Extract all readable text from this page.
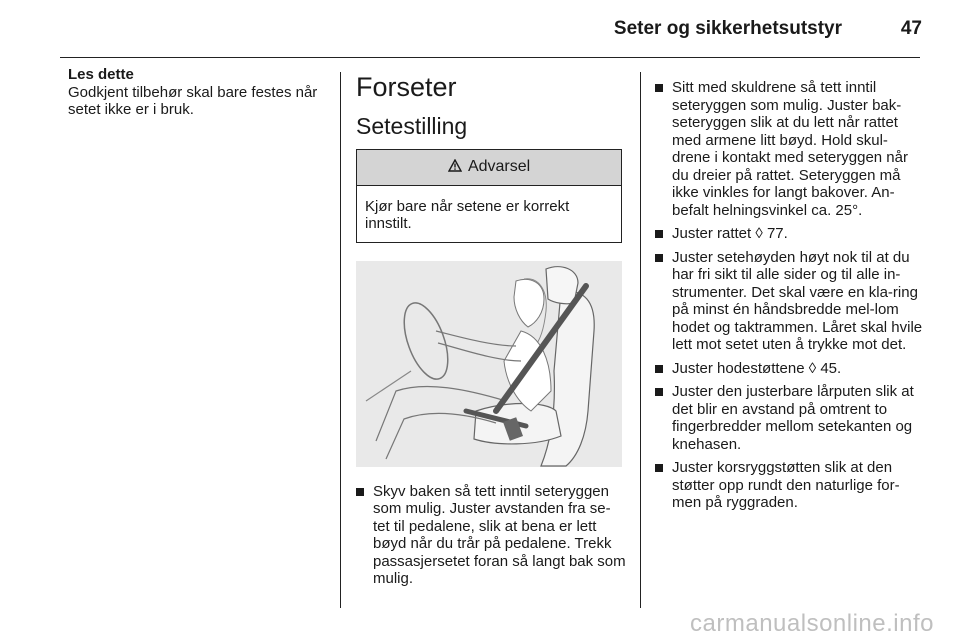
Seter og sikkerhetsutstyr	47
Les dette
Godkjent tilbehør skal bare festes når setet ikke er i bruk.
Forseter
Setestilling
Advarsel
Kjør bare når setene er korrekt innstilt.
Skyv baken så tett inntil seteryggen som mulig. Juster avstanden fra se-tet til pedalene, slik at bena er lett bøyd når du trår på pedalene. Trekk passasjersetet foran så langt bak som mulig.
Sitt med skuldrene så tett inntil seteryggen som mulig. Juster bak-seteryggen slik at du lett når rattet med armene litt bøyd. Hold skul-drene i kontakt med seteryggen når du dreier på rattet. Seteryggen må ikke vinkles for langt bakover. An-befalt helningsvinkel ca. 25°.
Juster rattet ◊ 77.
Juster setehøyden høyt nok til at du har fri sikt til alle sider og til alle in-strumenter. Det skal være en kla-ring på minst én håndsbredde mel-lom hodet og taktrammen. Låret skal hvile lett mot setet uten å trykke mot det.
Juster hodestøttene ◊ 45.
Juster den justerbare lårputen slik at det blir en avstand på omtrent to fingerbredder mellom setekanten og knehasen.
Juster korsryggstøtten slik at den støtter opp rundt den naturlige for-men på ryggraden.
carmanualsonline.info
